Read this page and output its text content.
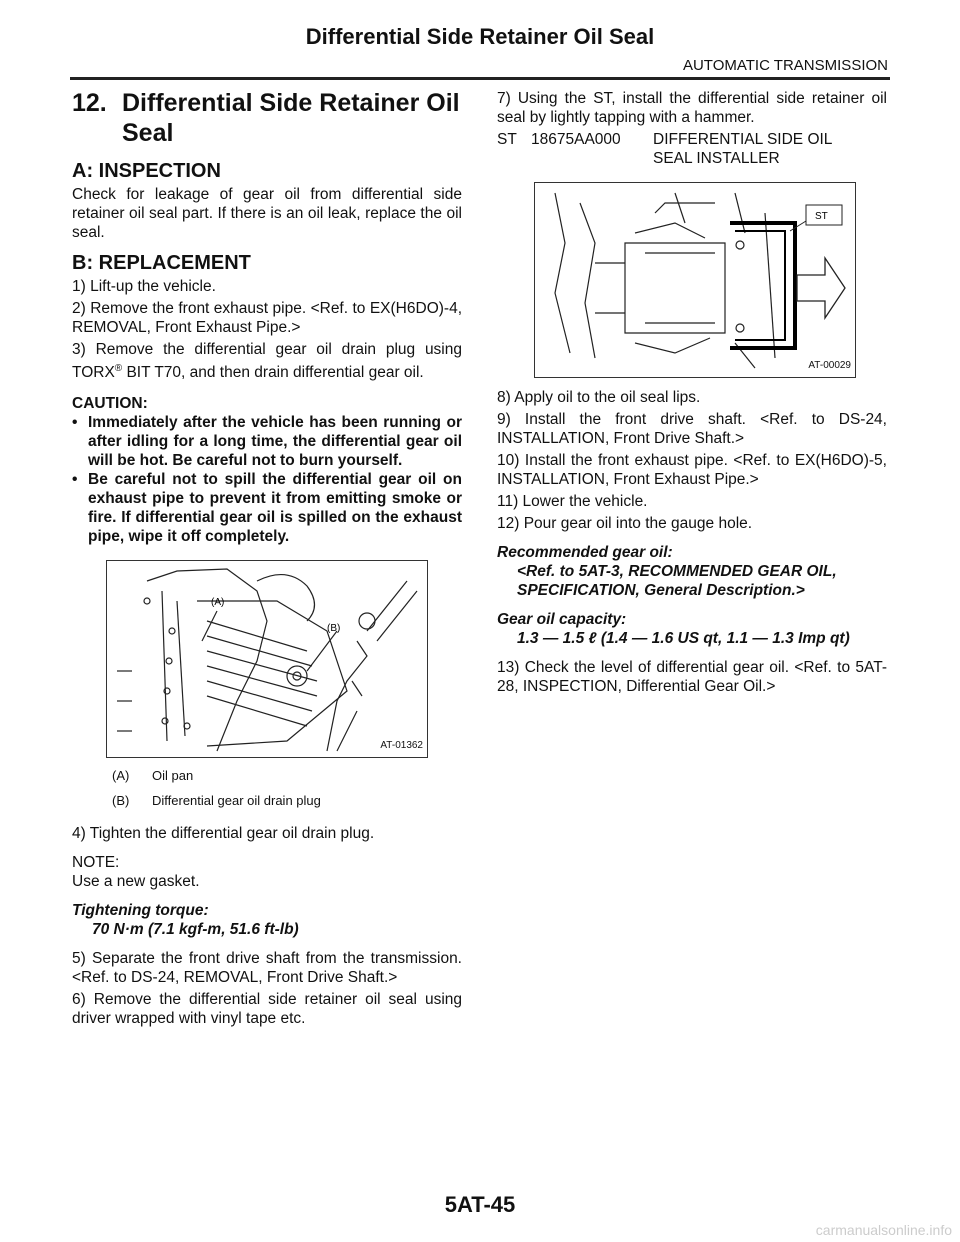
Differential Side Retainer Oil Seal
AUTOMATIC TRANSMISSION
12. Differential Side Retainer Oil Seal
A: INSPECTION

Check for leakage of gear oil from differential side retainer oil seal part. If there is an oil leak, replace the oil seal.

B: REPLACEMENT

1) Lift-up the vehicle.

2) Remove the front exhaust pipe. <Ref. to EX(H6DO)-4, REMOVAL, Front Exhaust Pipe.>

3) Remove the differential gear oil drain plug using TORX® BIT T70, and then drain differential gear oil.

CAUTION:
• Immediately after the vehicle has been running or after idling for a long time, the differential gear oil will be hot. Be careful not to burn yourself.
• Be careful not to spill the differential gear oil on exhaust pipe to prevent it from emitting smoke or fire. If differential gear oil is spilled on the exhaust pipe, wipe it off completely.
(A)
(B)
AT-01362
(A)	Oil pan
(B)	Differential gear oil drain plug

4) Tighten the differential gear oil drain plug.

NOTE:
Use a new gasket.
Tightening torque:
70 N·m (7.1 kgf-m, 51.6 ft-lb)

5) Separate the front drive shaft from the transmission. <Ref. to DS-24, REMOVAL, Front Drive Shaft.>

6) Remove the differential side retainer oil seal using driver wrapped with vinyl tape etc.

7) Using the ST, install the differential side retainer oil seal by lightly tapping with a hammer.

ST 18675AA000	DIFFERENTIAL SIDE OIL SEAL INSTALLER
ST
AT-00029

8) Apply oil to the oil seal lips.

9) Install the front drive shaft. <Ref. to DS-24, INSTALLATION, Front Drive Shaft.>

10) Install the front exhaust pipe. <Ref. to EX(H6DO)-5, INSTALLATION, Front Exhaust Pipe.>

11) Lower the vehicle.

12) Pour gear oil into the gauge hole.

Recommended gear oil:
<Ref. to 5AT-3, RECOMMENDED GEAR OIL, SPECIFICATION, General Description.>
Gear oil capacity:
1.3 — 1.5 ℓ (1.4 — 1.6 US qt, 1.1 — 1.3 Imp qt)

13) Check the level of differential gear oil. <Ref. to 5AT-28, INSPECTION, Differential Gear Oil.>

5AT-45
carmanualsonline.info
